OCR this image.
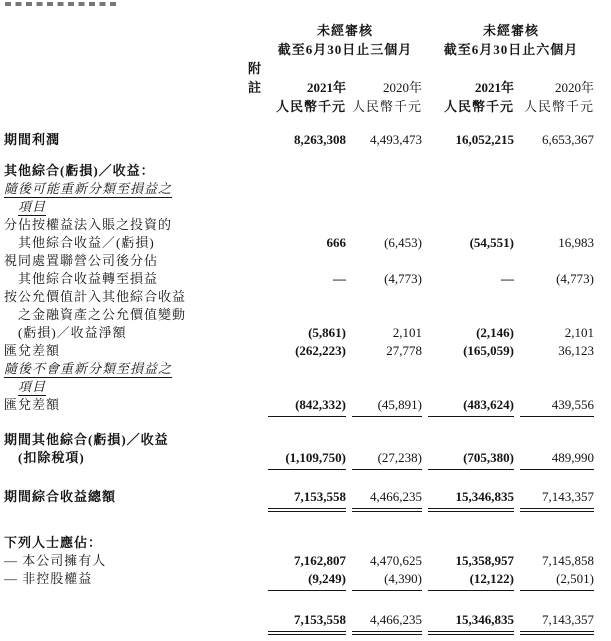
未經審核	未經審核
截至6月30日止三個月	截至6月30日止六個月
附註	2021年	2020年	2021年	2020年
人民幣千元 人民幣千元	人民幣千元 人民幣千元
期間利潤	8,263,308	4,493,473	16,052,215	6,653,367
其他綜合(虧損)／收益：
隨後可能重新分類至損益之
項目
分佔按權益法入賬之投資的
其他綜合收益／(虧損)	666	(6,453)	(54,551)	16,983
視同處置聯營公司後分佔
其他綜合收益轉至損益	—	(4,773)	—	(4,773)
按公允價值計入其他綜合收益
之金融資產之公允價值變動
(虧損)／收益淨額	(5,861)	2,101	(2,146)	2,101
匯兌差額	(262,223)	27,778	(165,059)	36,123
隨後不會重新分類至損益之
項目
匯兌差額	(842,332)	(45,891)	(483,624)	439,556
期間其他綜合(虧損)／收益
(扣除稅項)	(1,109,750)	(27,238)	(705,380)	489,990
期間綜合收益總額	7,153,558	4,466,235	15,346,835	7,143,357
下列人士應佔：
— 本公司擁有人	7,162,807	4,470,625	15,358,957	7,145,858
— 非控股權益	(9,249)	(4,390)	(12,122)	(2,501)
7,153,558	4,466,235	15,346,835	7,143,357
